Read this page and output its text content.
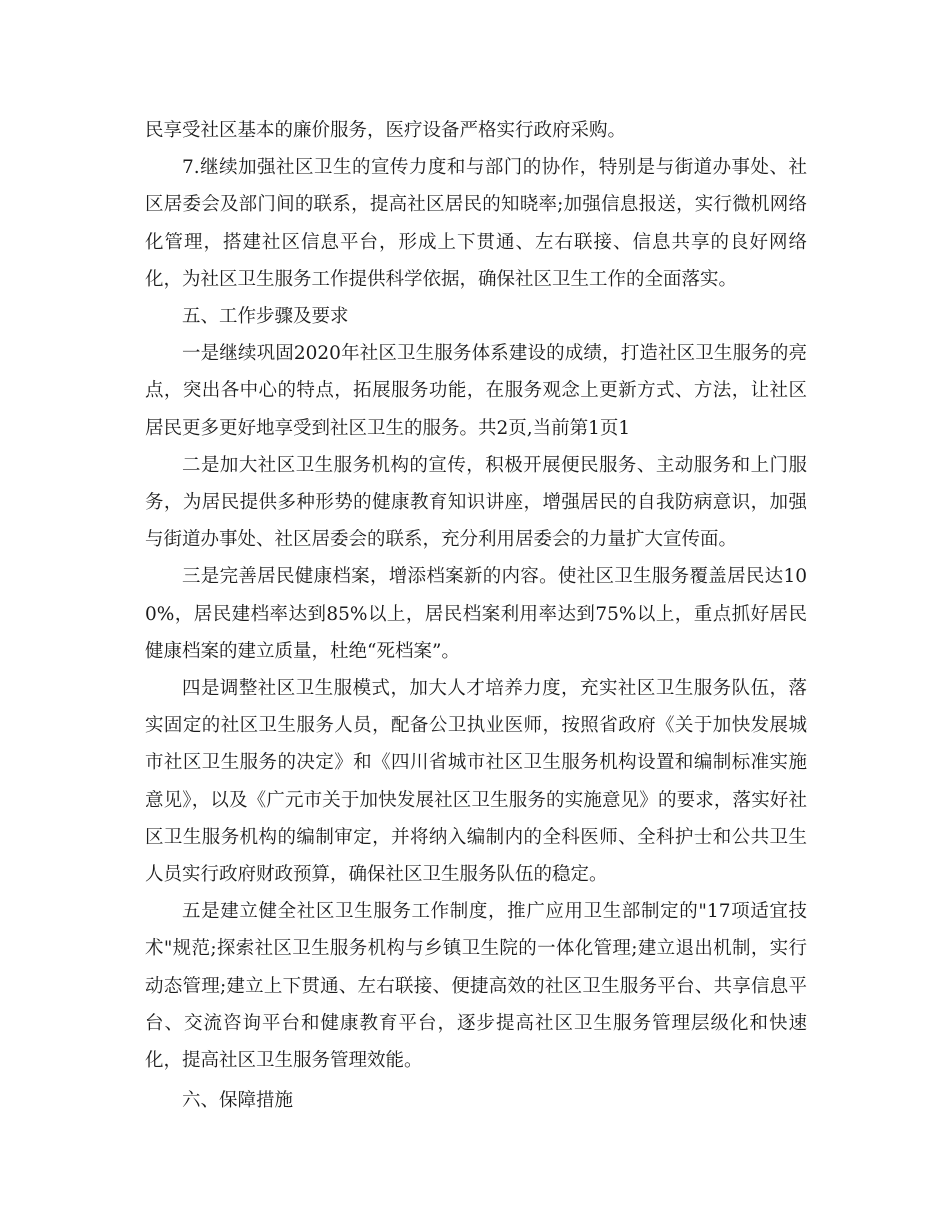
民享受社区基本的廉价服务，医疗设备严格实行政府采购。

7.继续加强社区卫生的宣传力度和与部门的协作，特别是与街道办事处、社区居委会及部门间的联系，提高社区居民的知晓率;加强信息报送，实行微机网络化管理，搭建社区信息平台，形成上下贯通、左右联接、信息共享的良好网络化，为社区卫生服务工作提供科学依据，确保社区卫生工作的全面落实。

五、工作步骤及要求

一是继续巩固2020年社区卫生服务体系建设的成绩，打造社区卫生服务的亮点，突出各中心的特点，拓展服务功能，在服务观念上更新方式、方法，让社区居民更多更好地享受到社区卫生的服务。共2页,当前第1页1

二是加大社区卫生服务机构的宣传，积极开展便民服务、主动服务和上门服务，为居民提供多种形势的健康教育知识讲座，增强居民的自我防病意识，加强与街道办事处、社区居委会的联系，充分利用居委会的力量扩大宣传面。

三是完善居民健康档案，增添档案新的内容。使社区卫生服务覆盖居民达100%，居民建档率达到85%以上，居民档案利用率达到75%以上，重点抓好居民健康档案的建立质量，杜绝“死档案”。

四是调整社区卫生服模式，加大人才培养力度，充实社区卫生服务队伍，落实固定的社区卫生服务人员，配备公卫执业医师，按照省政府《关于加快发展城市社区卫生服务的决定》和《四川省城市社区卫生服务机构设置和编制标准实施意见》，以及《广元市关于加快发展社区卫生服务的实施意见》的要求，落实好社区卫生服务机构的编制审定，并将纳入编制内的全科医师、全科护士和公共卫生人员实行政府财政预算，确保社区卫生服务队伍的稳定。

五是建立健全社区卫生服务工作制度，推广应用卫生部制定的"17项适宜技术"规范;探索社区卫生服务机构与乡镇卫生院的一体化管理;建立退出机制，实行动态管理;建立上下贯通、左右联接、便捷高效的社区卫生服务平台、共享信息平台、交流咨询平台和健康教育平台，逐步提高社区卫生服务管理层级化和快速化，提高社区卫生服务管理效能。

六、保障措施
